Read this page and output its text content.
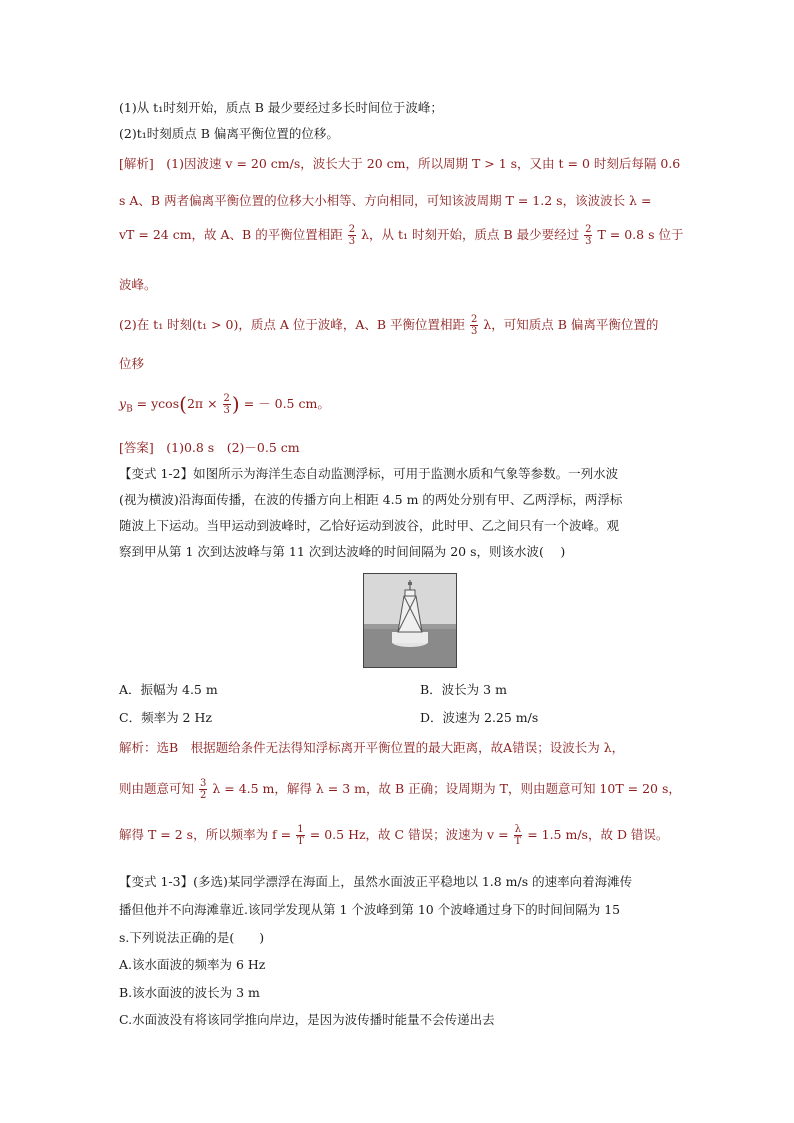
(1)从 t₁时刻开始，质点 B 最少要经过多长时间位于波峰；
(2)t₁时刻质点 B 偏离平衡位置的位移。
[解析]　(1)因波速 v = 20 cm/s，波长大于 20 cm，所以周期 T > 1 s，又由 t = 0 时刻后每隔 0.6
s A、B 两者偏离平衡位置的位移大小相等、方向相同，可知该波周期 T = 1.2 s，该波波长 λ =
vT = 24 cm，故 A、B 的平衡位置相距 $\frac{2}{3}$ λ，从 t₁ 时刻开始，质点 B 最少要经过 $\frac{2}{3}$ T = 0.8 s 位于
波峰。
(2)在 t₁ 时刻(t₁ > 0)，质点 A 位于波峰，A、B 平衡位置相距 $\frac{2}{3}$ λ，可知质点 B 偏离平衡位置的
位移
$y_B = ycos(2\pi \times \frac{2}{3}$ ) = － 0.5 cm。
[答案]　(1)0.8 s　(2)－0.5 cm
【变式 1-2】如图所示为海洋生态自动监测浮标，可用于监测水质和气象等参数。一列水波
(视为横波)沿海面传播，在波的传播方向上相距 4.5 m 的两处分别有甲、乙两浮标，两浮标
随波上下运动。当甲运动到波峰时，乙恰好运动到波谷，此时甲、乙之间只有一个波峰。观
察到甲从第 1 次到达波峰与第 11 次到达波峰的时间间隔为 20 s，则该水波(　 )
A．振幅为 4.5 m	B．波长为 3 m
C．频率为 2 Hz	D．波速为 2.25 m/s
解析：选B　根据题给条件无法得知浮标离开平衡位置的最大距离，故A错误；设波长为 λ，
则由题意可知 $\frac{3}{2}$ λ = 4.5 m，解得 λ = 3 m，故 B 正确；设周期为 T，则由题意可知 10T = 20 s，
解得 T = 2 s，所以频率为 $f = \frac{1}{T} = 0.5$ Hz，故 C 错误；波速为 $v = \frac{\lambda}{T} = 1.5$ m/s，故 D 错误。
【变式 1-3】(多选)某同学漂浮在海面上，虽然水面波正平稳地以 1.8 m/s 的速率向着海滩传
播但他并不向海滩靠近.该同学发现从第 1 个波峰到第 10 个波峰通过身下的时间间隔为 15
s.下列说法正确的是(　　)
A.该水面波的频率为 6 Hz
B.该水面波的波长为 3 m
C.水面波没有将该同学推向岸边，是因为波传播时能量不会传递出去
